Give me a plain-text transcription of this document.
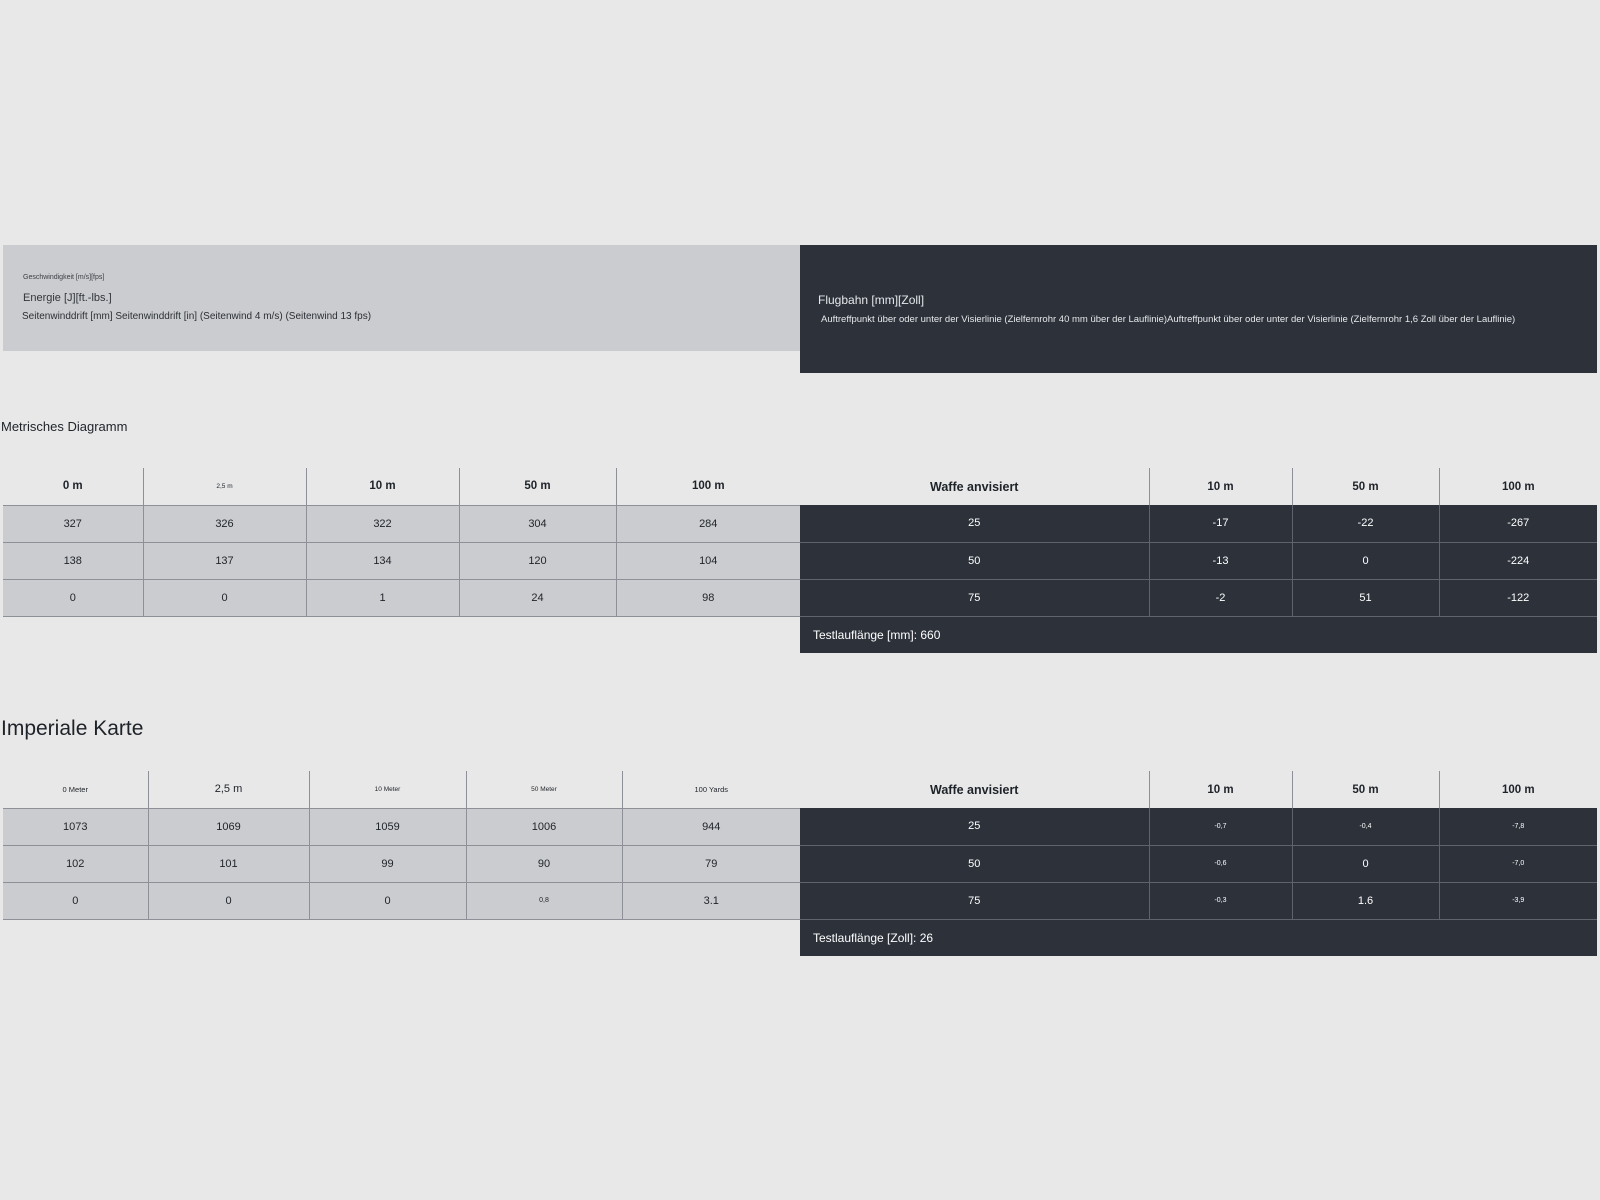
Geschwindigkeit [m/s][fps]
Energie [J][ft.-lbs.]
Seitenwinddrift [mm] Seitenwinddrift [in] (Seitenwind 4 m/s) (Seitenwind 13 fps)
Flugbahn [mm][Zoll]
Auftreffpunkt über oder unter der Visierlinie (Zielfernrohr 40 mm über der Lauflinie)Auftreffpunkt über oder unter der Visierlinie (Zielfernrohr 1,6 Zoll über der Lauflinie)
Metrisches Diagramm
0 m	2,5 m	10 m	50 m	100 m
327	326	322	304	284
138	137	134	120	104
0	0	1	24	98
Waffe anvisiert	10 m	50 m	100 m
25	-17	-22	-267
50	-13	0	-224
75	-2	51	-122
Testlauflänge [mm]: 660			
Imperiale Karte
0 Meter	2,5 m	10 Meter	50 Meter	100 Yards
1073	1069	1059	1006	944
102	101	99	90	79
0	0	0	0,8	3.1
Waffe anvisiert	10 m	50 m	100 m
25	-0,7	-0,4	-7,8
50	-0,6	0	-7,0
75	-0,3	1.6	-3,9
Testlauflänge [Zoll]: 26			
